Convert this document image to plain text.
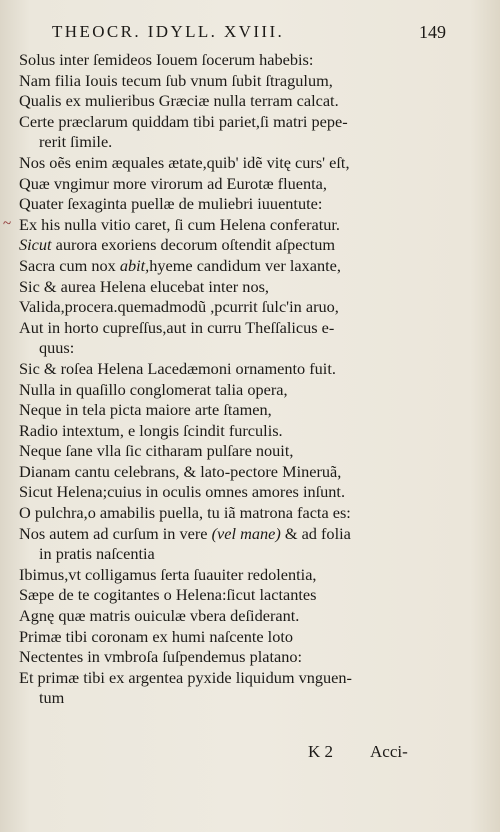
THEOCR. IDYLL. XVIII.	149
Solus inter ſemideos Iouem ſocerum habebis:
Nam filia Iouis tecum ſub vnum ſubit ſtragulum,
Qualis ex mulieribus Græciæ nulla terram calcat.
Certe præclarum quiddam tibi pariet,ſi matri pepe-
rerit ſimile.
Nos oẽs enim æquales ætate,quib' idẽ vitę curs' eſt,
Quæ vngimur more virorum ad Eurotæ fluenta,
Quater ſexaginta puellæ de muliebri iuuentute:
~ Ex his nulla vitio caret, ſi cum Helena conferatur.
Sicut aurora exoriens decorum oſtendit aſpectum
Sacra cum nox abit,hyeme candidum ver laxante,
Sic & aurea Helena elucebat inter nos,
Valida,procera.quemadmodũ ,pcurrit ſulc'in aruo,
Aut in horto cupreſſus,aut in curru Theſſalicus e-
quus:
Sic & roſea Helena Lacedæmoni ornamento fuit.
Nulla in quaſillo conglomerat talia opera,
Neque in tela picta maiore arte ſtamen,
Radio intextum, e longis ſcindit furculis.
Neque ſane vlla ſic citharam pulſare nouit,
Dianam cantu celebrans, & lato-pectore Mineruã,
Sicut Helena;cuius in oculis omnes amores inſunt.
O pulchra,o amabilis puella, tu iã matrona facta es:
Nos autem ad curſum in vere (vel mane) & ad folia
in pratis naſcentia
Ibimus,vt colligamus ſerta ſuauiter redolentia,
Sæpe de te cogitantes o Helena:ſicut lactantes
Agnę quæ matris ouiculæ vbera deſiderant.
Primæ tibi coronam ex humi naſcente loto
Nectentes in vmbroſa ſuſpendemus platano:
Et primæ tibi ex argentea pyxide liquidum vnguen-
tum
K 2 Acci-
